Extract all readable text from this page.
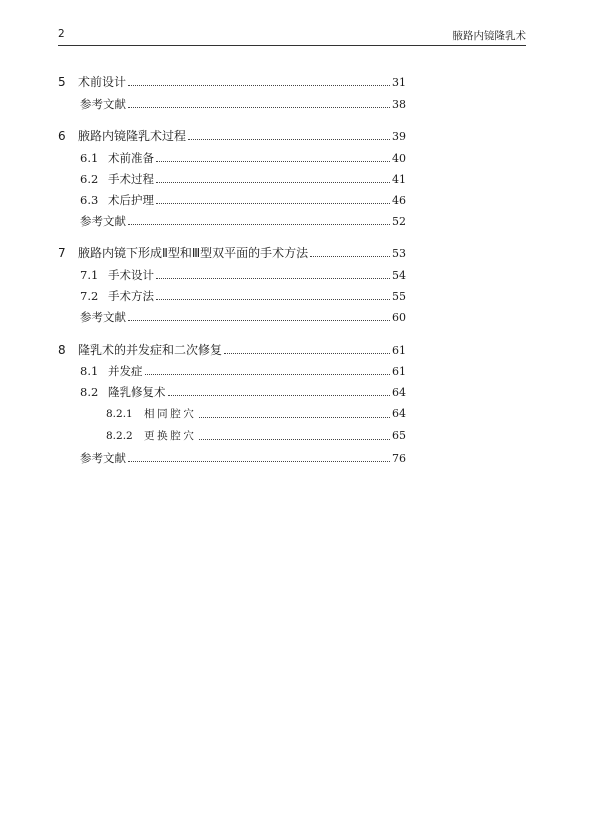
2	腋路内镜隆乳术
5	术前设计	31
参考文献	38
6	腋路内镜隆乳术过程	39
6.1 术前准备	40
6.2 手术过程	41
6.3 术后护理	46
参考文献	52
7	腋路内镜下形成Ⅱ型和Ⅲ型双平面的手术方法	53
7.1 手术设计	54
7.2 手术方法	55
参考文献	60
8	隆乳术的并发症和二次修复	61
8.1 并发症	61
8.2 隆乳修复术	64
8.2.1	相同腔穴	64
8.2.2	更换腔穴	65
参考文献	76
